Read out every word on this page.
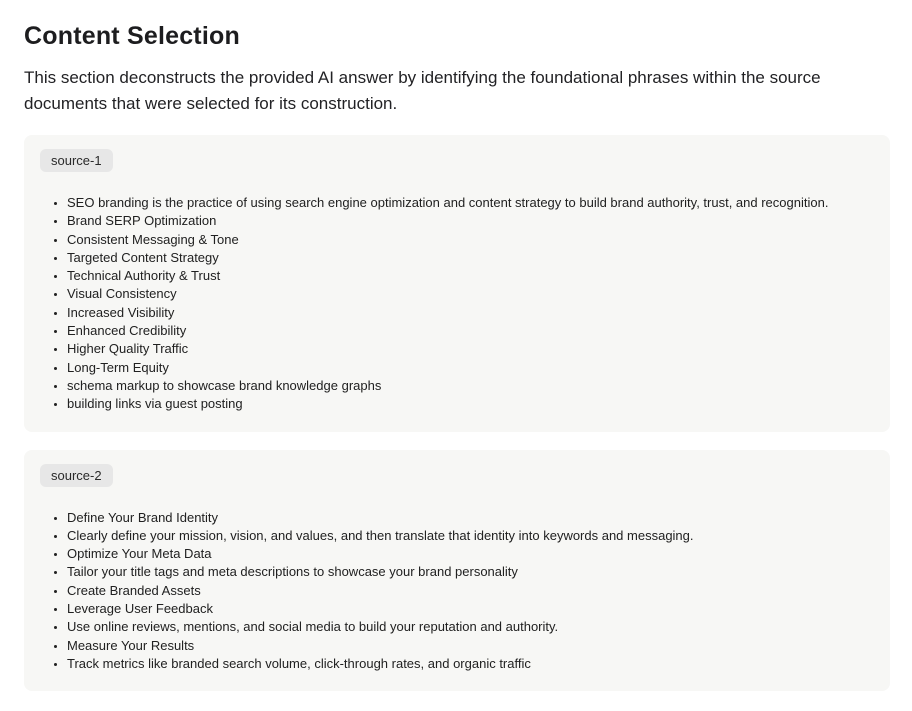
Content Selection

This section deconstructs the provided AI answer by identifying the foundational phrases within the source documents that were selected for its construction.

source-1
• SEO branding is the practice of using search engine optimization and content strategy to build brand authority, trust, and recognition.
• Brand SERP Optimization
• Consistent Messaging & Tone
• Targeted Content Strategy
• Technical Authority & Trust
• Visual Consistency
• Increased Visibility
• Enhanced Credibility
• Higher Quality Traffic
• Long-Term Equity
• schema markup to showcase brand knowledge graphs
• building links via guest posting
source-2
• Define Your Brand Identity
• Clearly define your mission, vision, and values, and then translate that identity into keywords and messaging.
• Optimize Your Meta Data
• Tailor your title tags and meta descriptions to showcase your brand personality
• Create Branded Assets
• Leverage User Feedback
• Use online reviews, mentions, and social media to build your reputation and authority.
• Measure Your Results
• Track metrics like branded search volume, click-through rates, and organic traffic
